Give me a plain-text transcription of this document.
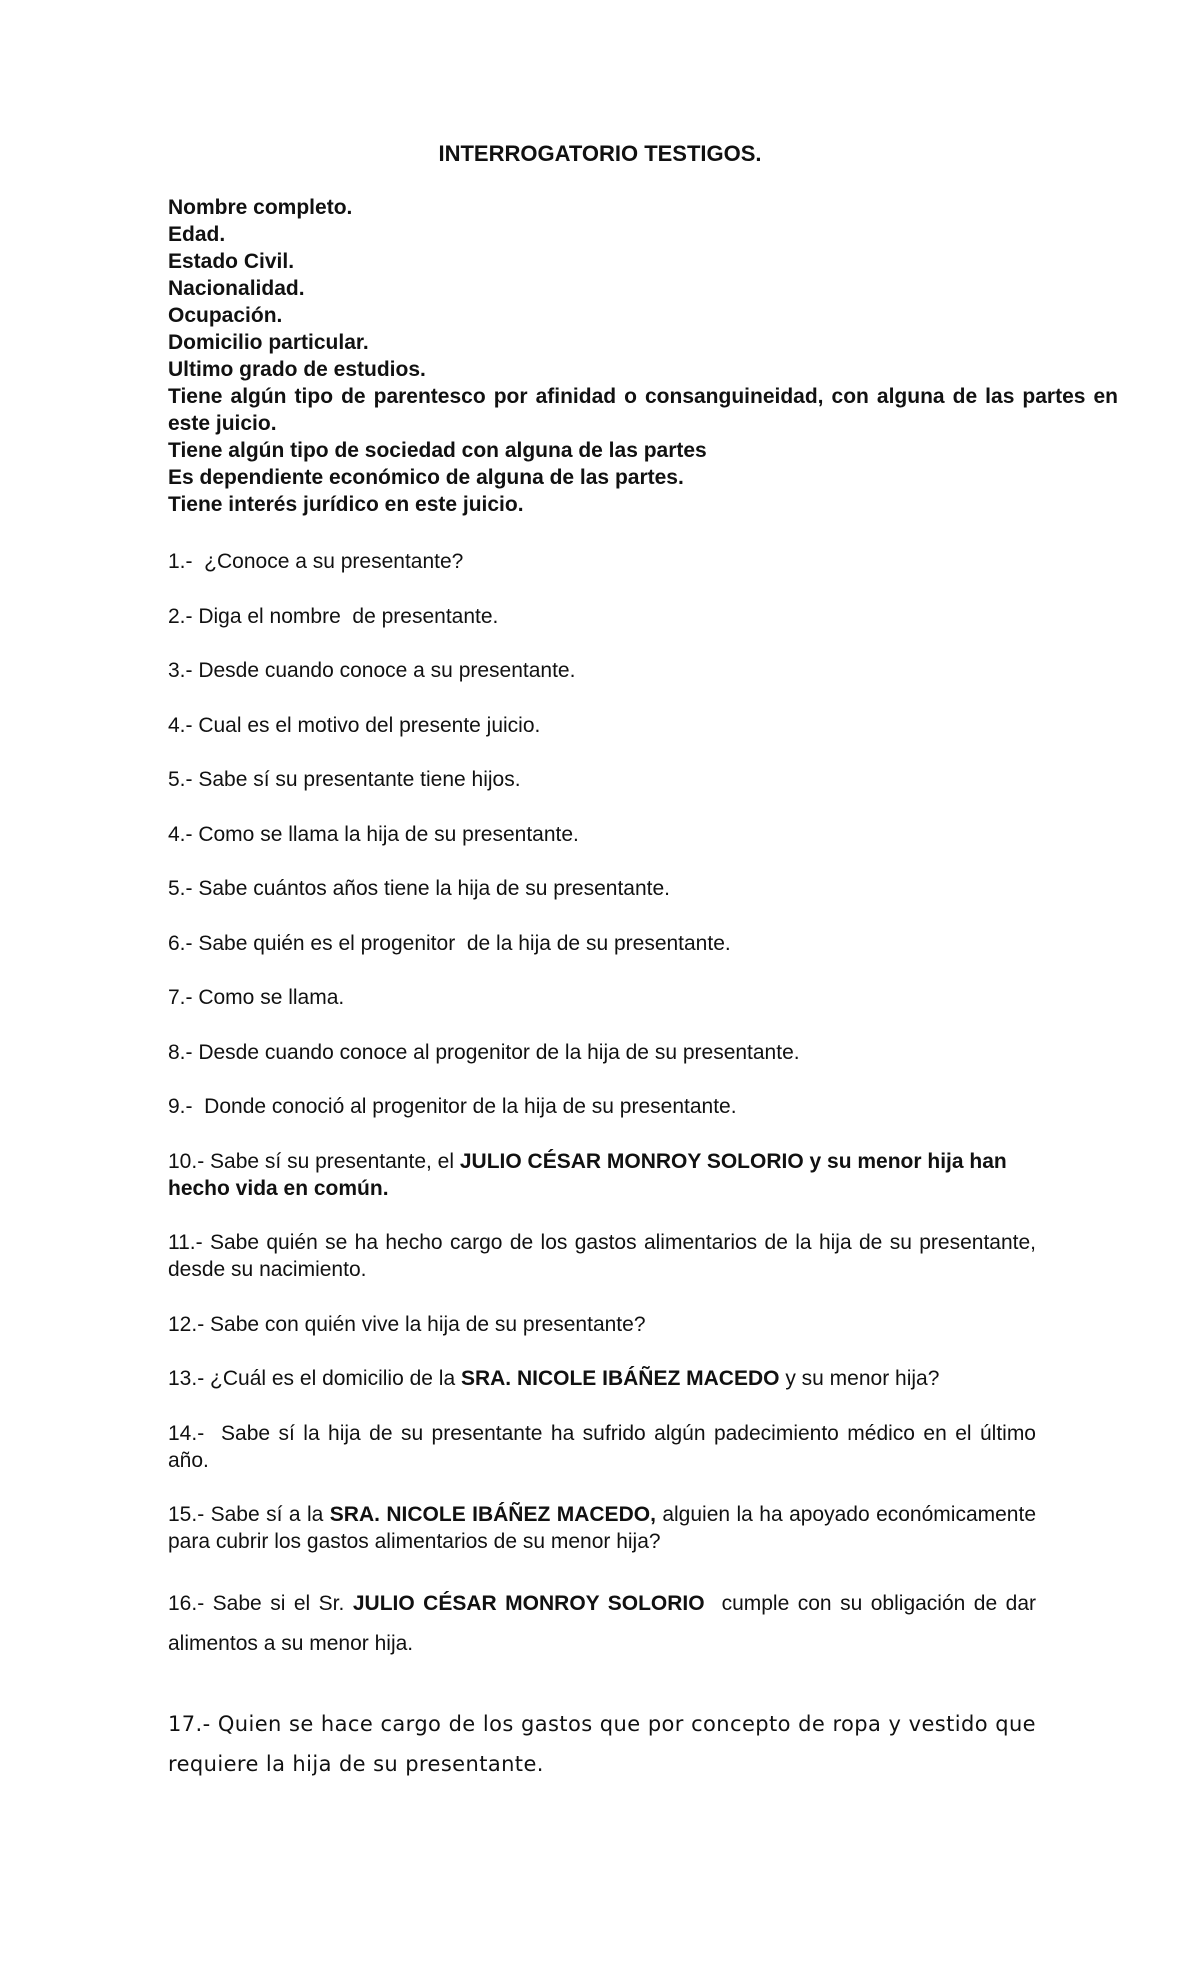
INTERROGATORIO TESTIGOS.
Nombre completo.
Edad.
Estado Civil.
Nacionalidad.
Ocupación.
Domicilio particular.
Ultimo grado de estudios.
Tiene algún tipo de parentesco por afinidad o consanguineidad, con alguna de las partes en este juicio.
Tiene algún tipo de sociedad con alguna de las partes
Es dependiente económico de alguna de las partes.
Tiene interés jurídico en este juicio.
1.-  ¿Conoce a su presentante?
2.- Diga el nombre  de presentante.
3.- Desde cuando conoce a su presentante.
4.- Cual es el motivo del presente juicio.
5.- Sabe sí su presentante tiene hijos.
4.- Como se llama la hija de su presentante.
5.- Sabe cuántos años tiene la hija de su presentante.
6.- Sabe quién es el progenitor  de la hija de su presentante.
7.- Como se llama.
8.- Desde cuando conoce al progenitor de la hija de su presentante.
9.-  Donde conoció al progenitor de la hija de su presentante.
10.- Sabe sí su presentante, el JULIO CÉSAR MONROY SOLORIO y su menor hija han hecho vida en común.
11.- Sabe quién se ha hecho cargo de los gastos alimentarios de la hija de su presentante, desde su nacimiento.
12.- Sabe con quién vive la hija de su presentante?
13.- ¿Cuál es el domicilio de la SRA. NICOLE IBÁÑEZ MACEDO y su menor hija?
14.-  Sabe sí la hija de su presentante ha sufrido algún padecimiento médico en el último año.
15.- Sabe sí a la SRA. NICOLE IBÁÑEZ MACEDO, alguien la ha apoyado económicamente para cubrir los gastos alimentarios de su menor hija?
16.- Sabe si el Sr. JULIO CÉSAR MONROY SOLORIO  cumple con su obligación de dar alimentos a su menor hija.
17.- Quien se hace cargo de los gastos que por concepto de ropa y vestido que requiere la hija de su presentante.
